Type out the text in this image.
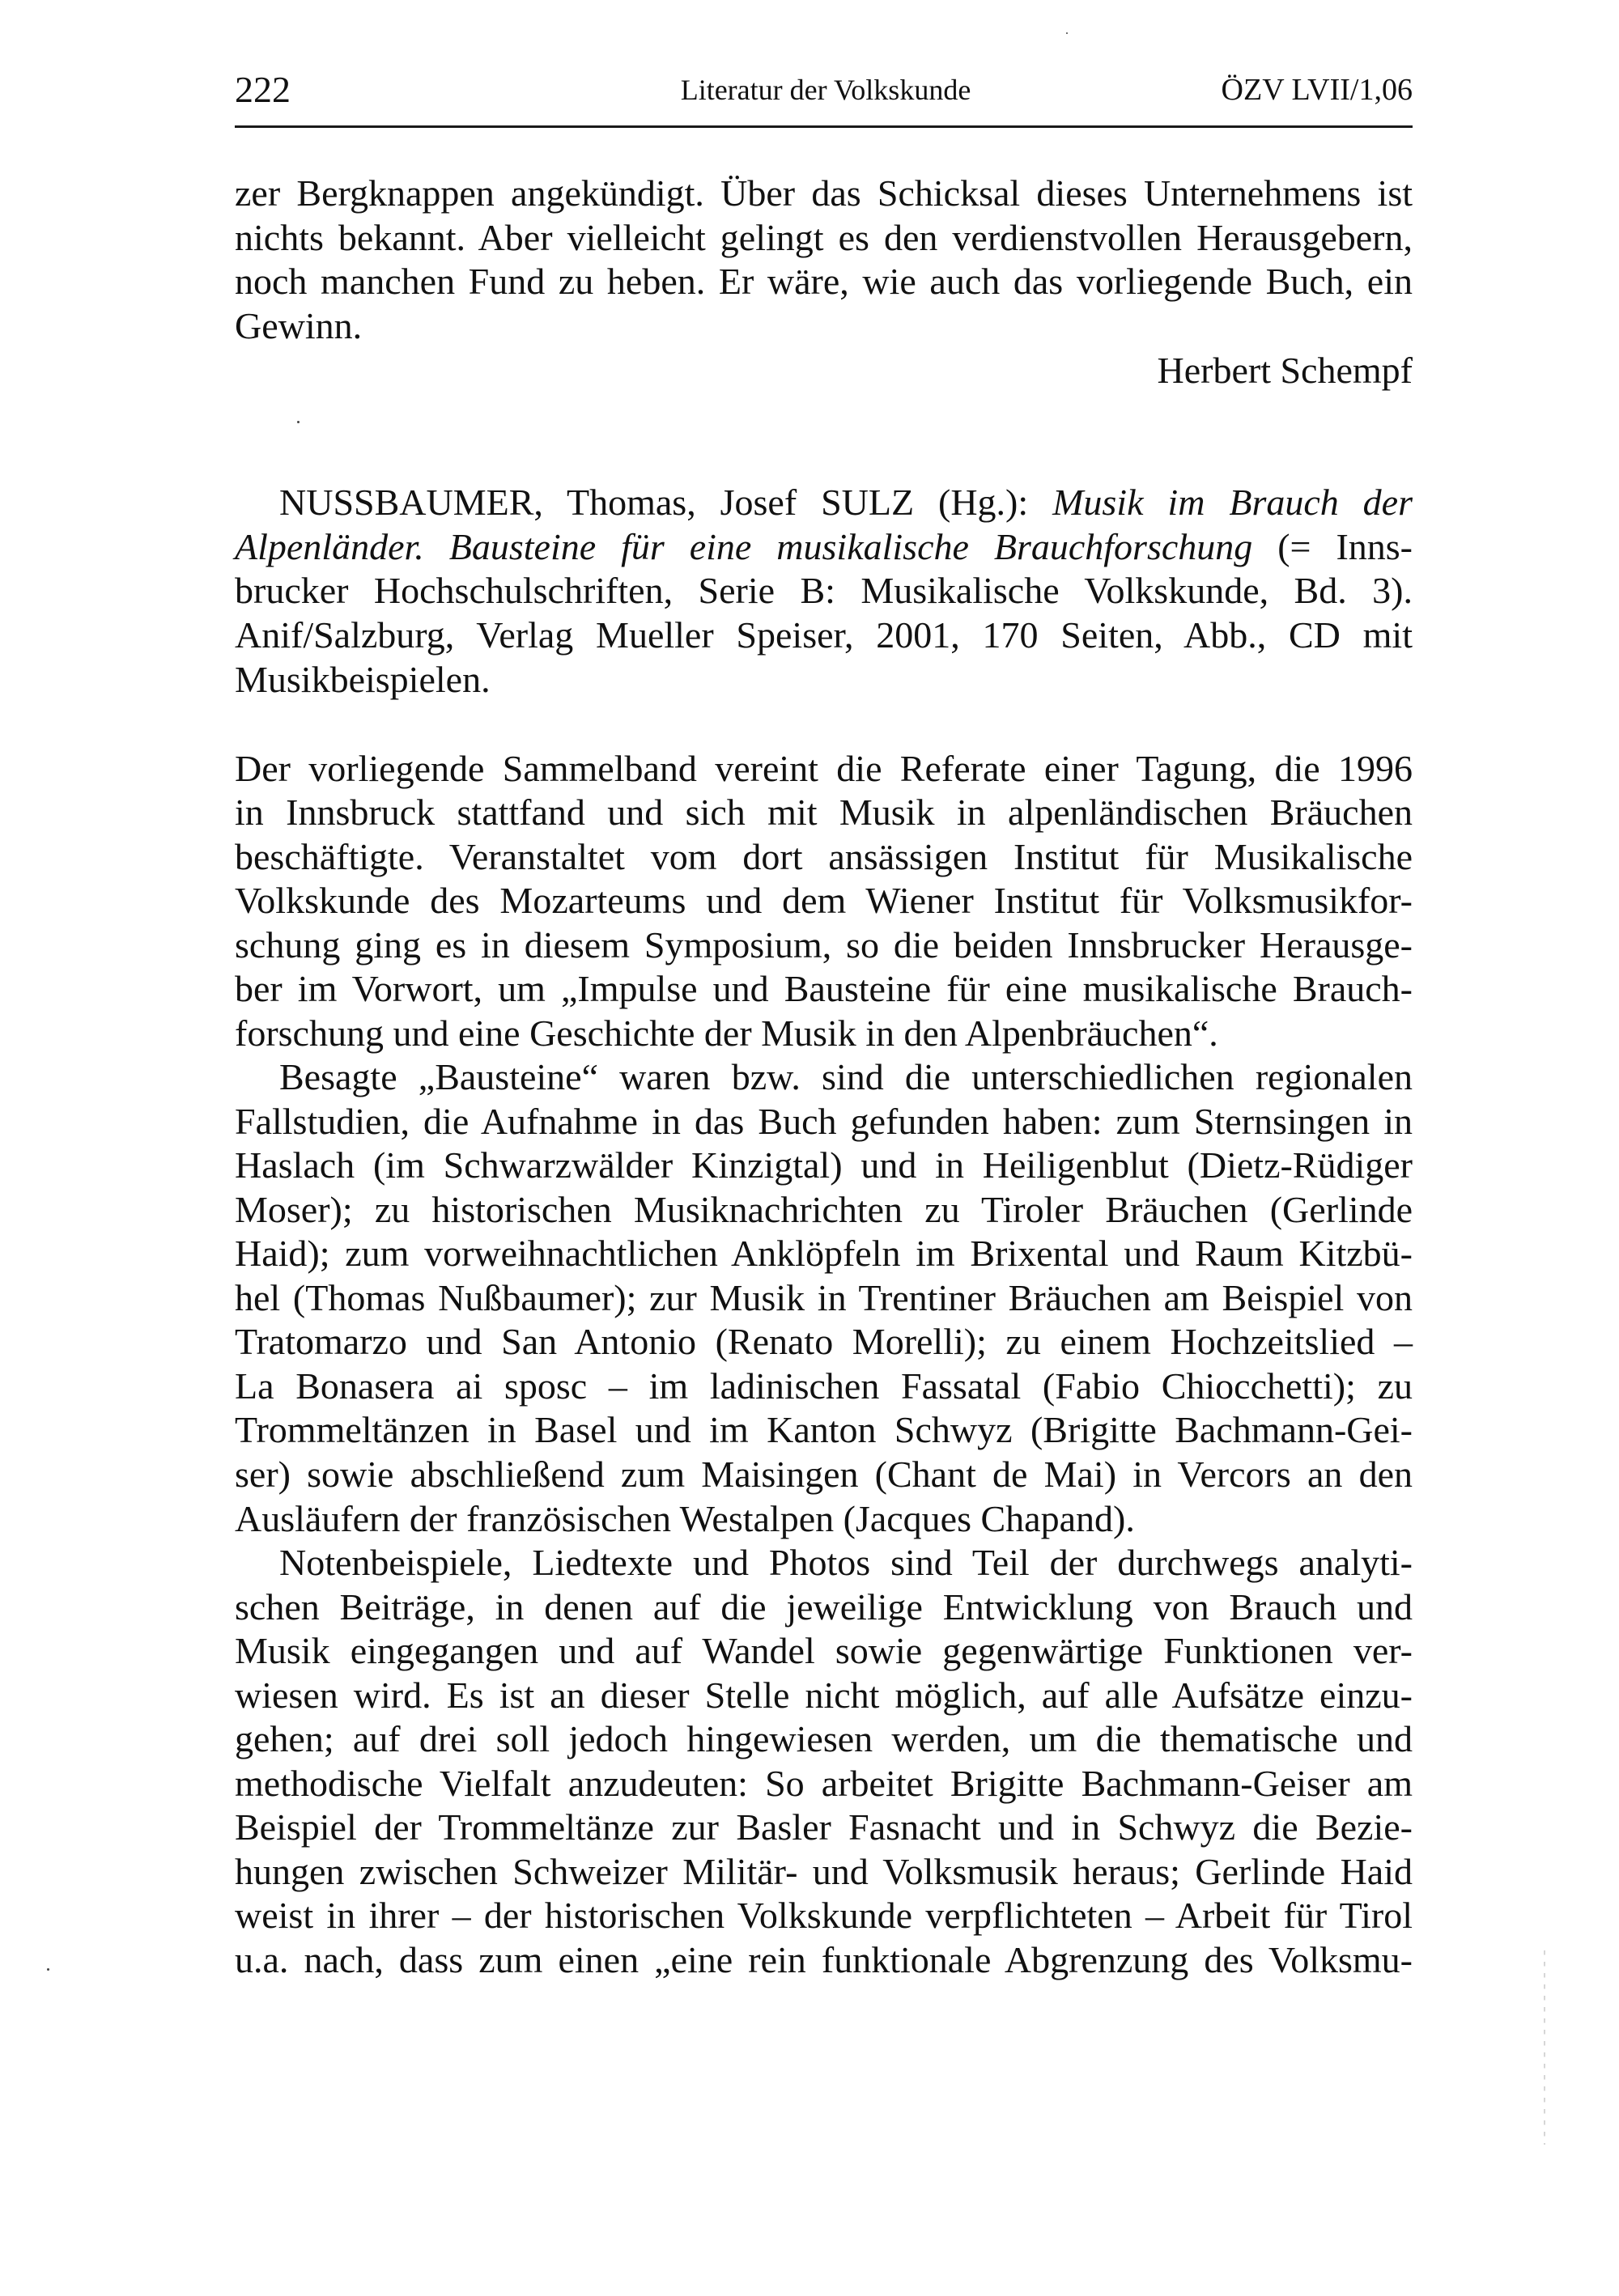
222	Literatur der Volkskunde	ÖZV LVII/1,06
zer Bergknappen angekündigt. Über das Schicksal dieses Unternehmens ist
nichts bekannt. Aber vielleicht gelingt es den verdienstvollen Herausgebern,
noch manchen Fund zu heben. Er wäre, wie auch das vorliegende Buch, ein
Gewinn.
Herbert Schempf
NUSSBAUMER, Thomas, Josef SULZ (Hg.): Musik im Brauch der
Alpenländer. Bausteine für eine musikalische Brauchforschung (= Inns-
brucker Hochschulschriften, Serie B: Musikalische Volkskunde, Bd. 3).
Anif/Salzburg, Verlag Mueller Speiser, 2001, 170 Seiten, Abb., CD mit
Musikbeispielen.
Der vorliegende Sammelband vereint die Referate einer Tagung, die 1996
in Innsbruck stattfand und sich mit Musik in alpenländischen Bräuchen
beschäftigte. Veranstaltet vom dort ansässigen Institut für Musikalische
Volkskunde des Mozarteums und dem Wiener Institut für Volksmusikfor-
schung ging es in diesem Symposium, so die beiden Innsbrucker Herausge-
ber im Vorwort, um „Impulse und Bausteine für eine musikalische Brauch-
forschung und eine Geschichte der Musik in den Alpenbräuchen“.
Besagte „Bausteine“ waren bzw. sind die unterschiedlichen regionalen
Fallstudien, die Aufnahme in das Buch gefunden haben: zum Sternsingen in
Haslach (im Schwarzwälder Kinzigtal) und in Heiligenblut (Dietz-Rüdiger
Moser); zu historischen Musiknachrichten zu Tiroler Bräuchen (Gerlinde
Haid); zum vorweihnachtlichen Anklöpfeln im Brixental und Raum Kitzbü-
hel (Thomas Nußbaumer); zur Musik in Trentiner Bräuchen am Beispiel von
Tratomarzo und San Antonio (Renato Morelli); zu einem Hochzeitslied –
La Bonasera ai sposc – im ladinischen Fassatal (Fabio Chiocchetti); zu
Trommeltänzen in Basel und im Kanton Schwyz (Brigitte Bachmann-Gei-
ser) sowie abschließend zum Maisingen (Chant de Mai) in Vercors an den
Ausläufern der französischen Westalpen (Jacques Chapand).
Notenbeispiele, Liedtexte und Photos sind Teil der durchwegs analyti-
schen Beiträge, in denen auf die jeweilige Entwicklung von Brauch und
Musik eingegangen und auf Wandel sowie gegenwärtige Funktionen ver-
wiesen wird. Es ist an dieser Stelle nicht möglich, auf alle Aufsätze einzu-
gehen; auf drei soll jedoch hingewiesen werden, um die thematische und
methodische Vielfalt anzudeuten: So arbeitet Brigitte Bachmann-Geiser am
Beispiel der Trommeltänze zur Basler Fasnacht und in Schwyz die Bezie-
hungen zwischen Schweizer Militär- und Volksmusik heraus; Gerlinde Haid
weist in ihrer – der historischen Volkskunde verpflichteten – Arbeit für Tirol
u.a. nach, dass zum einen „eine rein funktionale Abgrenzung des Volksmu-
